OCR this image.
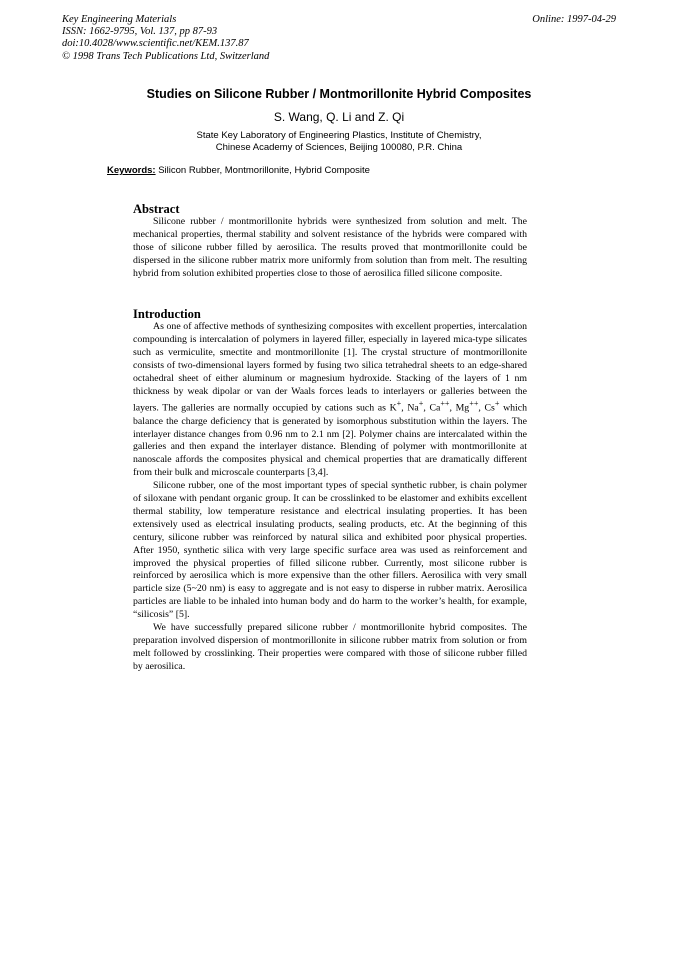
Key Engineering Materials
ISSN: 1662-9795, Vol. 137, pp 87-93
doi:10.4028/www.scientific.net/KEM.137.87
© 1998 Trans Tech Publications Ltd, Switzerland
Online: 1997-04-29
Studies on Silicone Rubber / Montmorillonite Hybrid Composites
S. Wang, Q. Li and Z. Qi
State Key Laboratory of Engineering Plastics, Institute of Chemistry,
Chinese Academy of Sciences, Beijing 100080, P.R. China
Keywords: Silicon Rubber, Montmorillonite, Hybrid Composite
Abstract

Silicone rubber / montmorillonite hybrids were synthesized from solution and melt. The mechanical properties, thermal stability and solvent resistance of the hybrids were compared with those of silicone rubber filled by aerosilica. The results proved that montmorillonite could be dispersed in the silicone rubber matrix more uniformly from solution than from melt. The resulting hybrid from solution exhibited properties close to those of aerosilica filled silicone composite.

Introduction

As one of affective methods of synthesizing composites with excellent properties, intercalation compounding is intercalation of polymers in layered filler, especially in layered mica-type silicates such as vermiculite, smectite and montmorillonite [1]. The crystal structure of montmorillonite consists of two-dimensional layers formed by fusing two silica tetrahedral sheets to an edge-shared octahedral sheet of either aluminum or magnesium hydroxide. Stacking of the layers of 1 nm thickness by weak dipolar or van der Waals forces leads to interlayers or galleries between the layers. The galleries are normally occupied by cations such as K+, Na+, Ca++, Mg++, Cs+ which balance the charge deficiency that is generated by isomorphous substitution within the layers. The interlayer distance changes from 0.96 nm to 2.1 nm [2]. Polymer chains are intercalated within the galleries and then expand the interlayer distance. Blending of polymer with montmorillonite at nanoscale affords the composites physical and chemical properties that are dramatically different from their bulk and microscale counterparts [3,4].

Silicone rubber, one of the most important types of special synthetic rubber, is chain polymer of siloxane with pendant organic group. It can be crosslinked to be elastomer and exhibits excellent thermal stability, low temperature resistance and electrical insulating properties. It has been extensively used as electrical insulating products, sealing products, etc. At the beginning of this century, silicone rubber was reinforced by natural silica and exhibited poor physical properties. After 1950, synthetic silica with very large specific surface area was used as reinforcement and improved the physical properties of filled silicone rubber. Currently, most silicone rubber is reinforced by aerosilica which is more expensive than the other fillers. Aerosilica with very small particle size (5~20 nm) is easy to aggregate and is not easy to disperse in rubber matrix. Aerosilica particles are liable to be inhaled into human body and do harm to the worker’s health, for example, “silicosis” [5].

We have successfully prepared silicone rubber / montmorillonite hybrid composites. The preparation involved dispersion of montmorillonite in silicone rubber matrix from solution or from melt followed by crosslinking. Their properties were compared with those of silicone rubber filled by aerosilica.
